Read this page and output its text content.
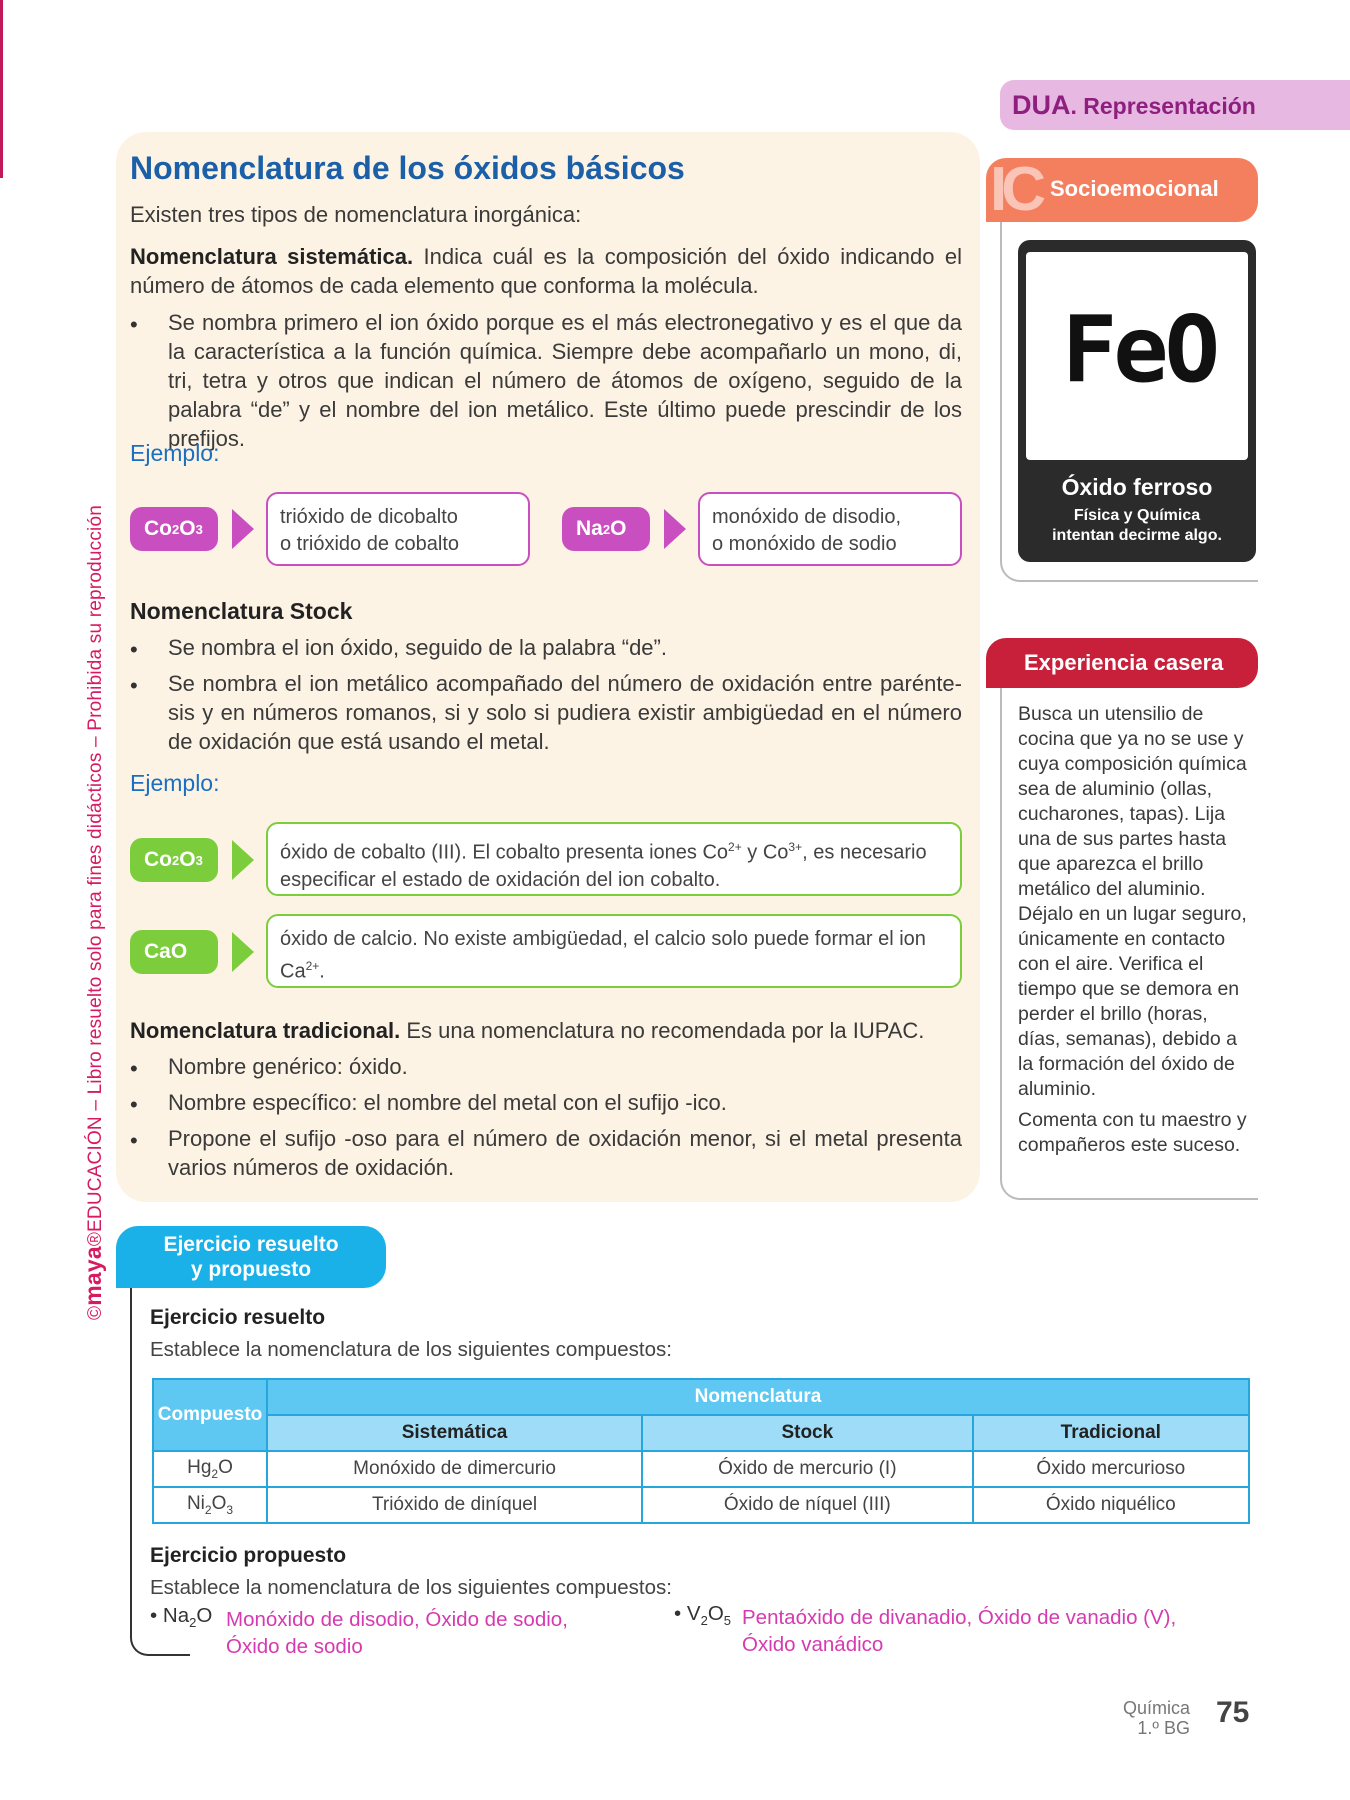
©maya®EDUCACIÓN – Libro resuelto solo para fines didácticos – Prohibida su reproducción
Nomenclatura de los óxidos básicos
Existen tres tipos de nomenclatura inorgánica:
Nomenclatura sistemática. Indica cuál es la composición del óxido indicando el número de átomos de cada elemento que conforma la molécula.
• Se nombra primero el ion óxido porque es el más electronegativo y es el que da la característica a la función química. Siempre debe acompañarlo un mono, di, tri, tetra y otros que indican el número de átomos de oxígeno, seguido de la palabra “de” y el nombre del ion metálico. Este último puede prescindir de los prefijos.
Ejemplo:
Co 2 O 3
trióxido de dicobalto
o trióxido de cobalto
Na 2 O	monóxido de disodio,
o monóxido de sodio
Nomenclatura Stock
• Se nombra el ion óxido, seguido de la palabra “de”.
• Se nombra el ion metálico acompañado del número de oxidación entre parénte-sis y en números romanos, si y solo si pudiera existir ambigüedad en el número de oxidación que está usando el metal.
Ejemplo:
Co 2 O 3	óxido de cobalto (III). El cobalto presenta iones $Co^{2+}$ y $Co^{3+}$, es necesario
especificar el estado de oxidación del ion cobalto.
CaO
óxido de calcio. No existe ambigüedad, el calcio solo puede formar el ion
$Ca^{2+}$.
Nomenclatura tradicional. Es una nomenclatura no recomendada por la IUPAC.
• Nombre genérico: óxido.
• Nombre específico: el nombre del metal con el sufijo -ico.
• Propone el sufijo -oso para el número de oxidación menor, si el metal presenta varios números de oxidación.
DUA. Representación
IC Socioemocional
FeO
Óxido ferroso
Física y Química
intentan decirme algo.
Experiencia casera
Busca un utensilio de cocina que ya no se use y cuya composición química sea de aluminio (ollas, cucharones, tapas). Lija una de sus partes hasta que aparezca el brillo metálico del aluminio. Déjalo en un lugar seguro, únicamente en contacto con el aire. Verifica el tiempo que se demora en perder el brillo (horas, días, semanas), debido a la formación del óxido de aluminio.
Comenta con tu maestro y compañeros este suceso.
Ejercicio resuelto
y propuesto
Ejercicio resuelto
Establece la nomenclatura de los siguientes compuestos:
Compuesto	Nomenclatura		
	Sistemática	Stock	Tradicional
$Hg_2O$	Monóxido de dimercurio	Óxido de mercurio (I)	Óxido mercurioso
$Ni_2O_3$	Trióxido de diníquel	Óxido de níquel (III)	Óxido niquélico
Ejercicio propuesto
Establece la nomenclatura de los siguientes compuestos:
• $Na_2O$ Monóxido de disodio, Óxido de sodio,
Óxido de sodio
• $V_2O_5$ Pentaóxido de divanadio, Óxido de vanadio (V),
Óxido vanádico
Química
1.º BG 75
